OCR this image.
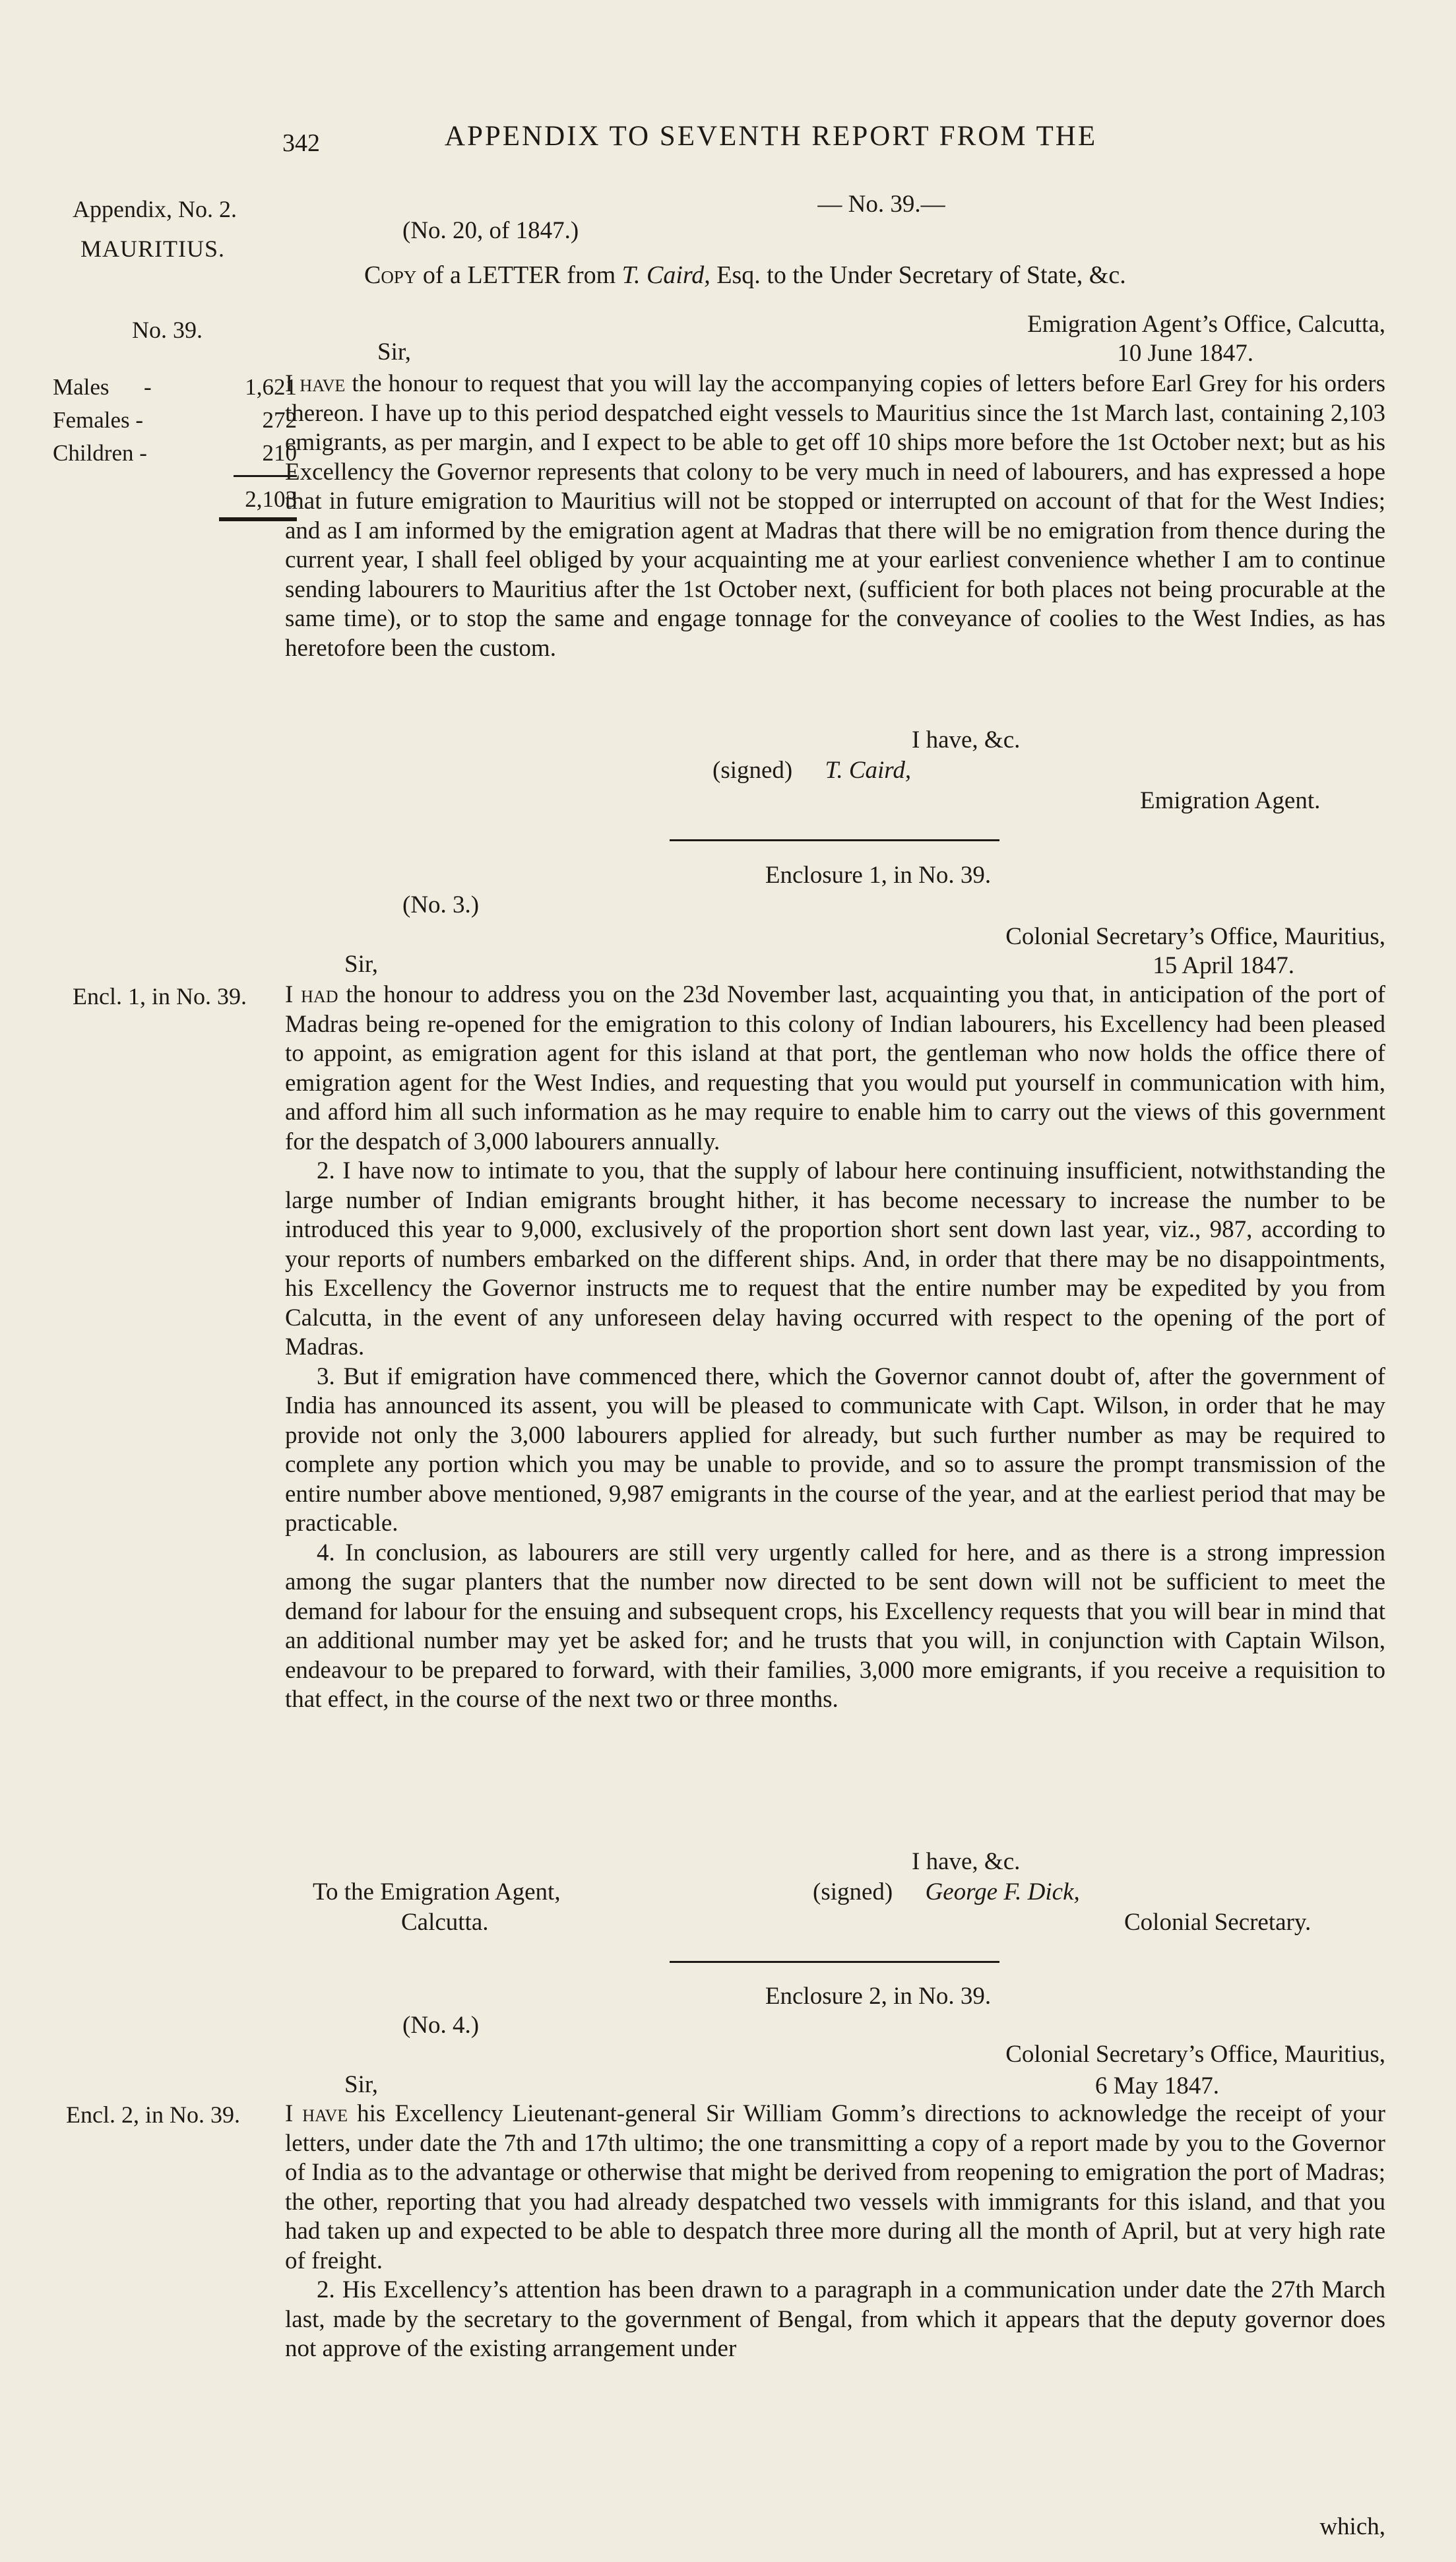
342	APPENDIX TO SEVENTH REPORT FROM THE
Appendix, No. 2.
MAURITIUS.
No. 39.
Males -	1,621
Females -	272
Children -	210
2,103
Encl. 1, in No. 39.
Encl. 2, in No. 39.
— No. 39.—
(No. 20, of 1847.)
Copy of a LETTER from T. Caird, Esq. to the Under Secretary of State, &c.
Emigration Agent’s Office, Calcutta,
Sir,	10 June 1847.

I have the honour to request that you will lay the accompanying copies of letters before Earl Grey for his orders thereon. I have up to this period despatched eight vessels to Mauritius since the 1st March last, containing 2,103 emigrants, as per margin, and I expect to be able to get off 10 ships more before the 1st October next; but as his Excellency the Governor represents that colony to be very much in need of labourers, and has expressed a hope that in future emigration to Mauritius will not be stopped or interrupted on account of that for the West Indies; and as I am informed by the emigration agent at Madras that there will be no emigration from thence during the current year, I shall feel obliged by your acquainting me at your earliest convenience whether I am to continue sending labourers to Mauritius after the 1st October next, (sufficient for both places not being procurable at the same time), or to stop the same and engage tonnage for the conveyance of coolies to the West Indies, as has heretofore been the custom.

I have, &c.
(signed) T. Caird,
Emigration Agent.
Enclosure 1, in No. 39.
(No. 3.)
Colonial Secretary’s Office, Mauritius,
Sir,	15 April 1847.

I had the honour to address you on the 23d November last, acquainting you that, in anticipation of the port of Madras being re-opened for the emigration to this colony of Indian labourers, his Excellency had been pleased to appoint, as emigration agent for this island at that port, the gentleman who now holds the office there of emigration agent for the West Indies, and requesting that you would put yourself in communication with him, and afford him all such information as he may require to enable him to carry out the views of this government for the despatch of 3,000 labourers annually.

2. I have now to intimate to you, that the supply of labour here continuing insufficient, notwithstanding the large number of Indian emigrants brought hither, it has become necessary to increase the number to be introduced this year to 9,000, exclusively of the proportion short sent down last year, viz., 987, according to your reports of numbers embarked on the different ships. And, in order that there may be no disappointments, his Excellency the Governor instructs me to request that the entire number may be expedited by you from Calcutta, in the event of any unforeseen delay having occurred with respect to the opening of the port of Madras.

3. But if emigration have commenced there, which the Governor cannot doubt of, after the government of India has announced its assent, you will be pleased to communicate with Capt. Wilson, in order that he may provide not only the 3,000 labourers applied for already, but such further number as may be required to complete any portion which you may be unable to provide, and so to assure the prompt transmission of the entire number above mentioned, 9,987 emigrants in the course of the year, and at the earliest period that may be practicable.

4. In conclusion, as labourers are still very urgently called for here, and as there is a strong impression among the sugar planters that the number now directed to be sent down will not be sufficient to meet the demand for labour for the ensuing and subsequent crops, his Excellency requests that you will bear in mind that an additional number may yet be asked for; and he trusts that you will, in conjunction with Captain Wilson, endeavour to be prepared to forward, with their families, 3,000 more emigrants, if you receive a requisition to that effect, in the course of the next two or three months.

I have, &c.
To the Emigration Agent,	(signed) George F. Dick,
Calcutta.	Colonial Secretary.
Enclosure 2, in No. 39.
(No. 4.)
Colonial Secretary’s Office, Mauritius,
Sir,	6 May 1847.

I have his Excellency Lieutenant-general Sir William Gomm’s directions to acknowledge the receipt of your letters, under date the 7th and 17th ultimo; the one transmitting a copy of a report made by you to the Governor of India as to the advantage or otherwise that might be derived from reopening to emigration the port of Madras; the other, reporting that you had already despatched two vessels with immigrants for this island, and that you had taken up and expected to be able to despatch three more during all the month of April, but at very high rate of freight.

2. His Excellency’s attention has been drawn to a paragraph in a communication under date the 27th March last, made by the secretary to the government of Bengal, from which it appears that the deputy governor does not approve of the existing arrangement under

which,
